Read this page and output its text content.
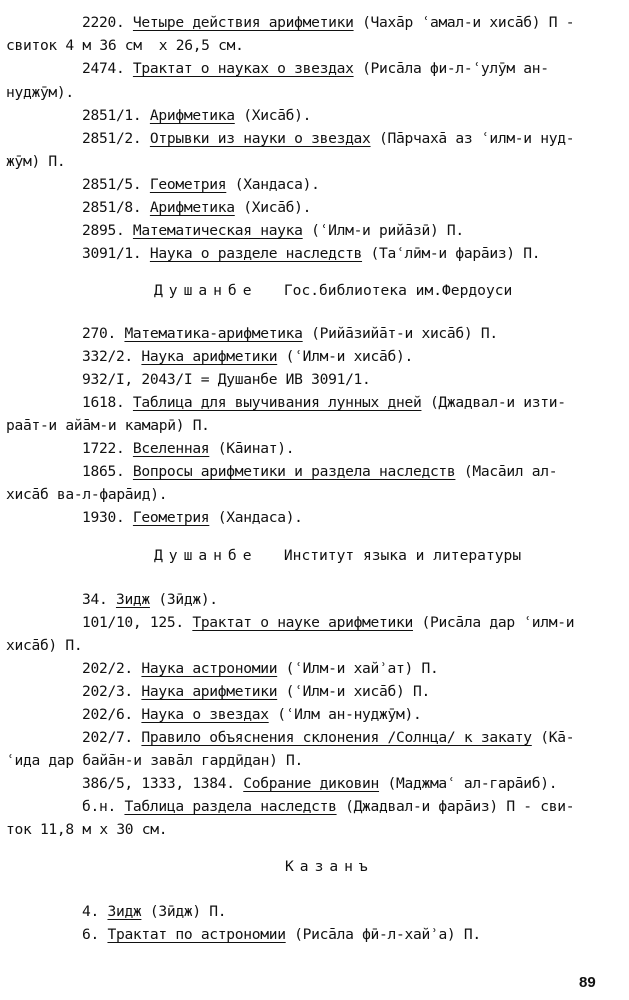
2220. Четыре действия арифметики (Чахāр ʿамал-и хисāб) П -
свиток 4 м 36 см  х 26,5 см.
2474. Трактат о науках о звездах (Рисāла фи-л-ʿулӯм ан-
нуджӯм).
2851/1. Арифметика (Хисāб).
2851/2. Отрывки из науки о звездах (Пāрчахā аз ʿилм-и нуд-
жӯм) П.
2851/5. Геометрия (Хандаса).
2851/8. Арифметика (Хисāб).
2895. Математическая наука (ʿИлм-и рийāзӣ) П.
3091/1. Наука о разделе наследств (Таʿлӣм-и фарāиз) П.
Душанбе Гос.библиотека им.Фердоуси
270. Математика-арифметика (Рийāзийāт-и хисāб) П.
332/2. Наука арифметики (ʿИлм-и хисāб).
932/I, 2043/I = Душанбе ИВ 3091/1.
1618. Таблица для выучивания лунных дней (Джадвал-и изти-
раāт-и айāм-и камарӣ) П.
1722. Вселенная (Кāинат).
1865. Вопросы арифметики и раздела наследств (Масāил ал-
хисāб ва-л-фарāид).
1930. Геометрия (Хандаса).
Душанбе Институт языка и литературы
34. Зидж (Зӣдж).
101/10, 125. Трактат о науке арифметики (Рисāла дар ʿилм-и
хисāб) П.
202/2. Наука астрономии (ʿИлм-и хайʾат) П.
202/3. Наука арифметики (ʿИлм-и хисāб) П.
202/6. Наука о звездах (ʿИлм ан-нуджӯм).
202/7. Правило объяснения склонения /Солнца/ к закату (Кā-
ʿида дар байāн-и завāл гардӣдан) П.
386/5, 1333, 1384. Собрание диковин (Маджмаʿ ал-гарāиб).
б.н. Таблица раздела наследств (Джадвал-и фарāиз) П - сви-
ток 11,8 м х 30 см.
Казанъ
4. Зидж (Зӣдж) П.
6. Трактат по астрономии (Рисāла фӣ-л-хайʾа) П.
89
